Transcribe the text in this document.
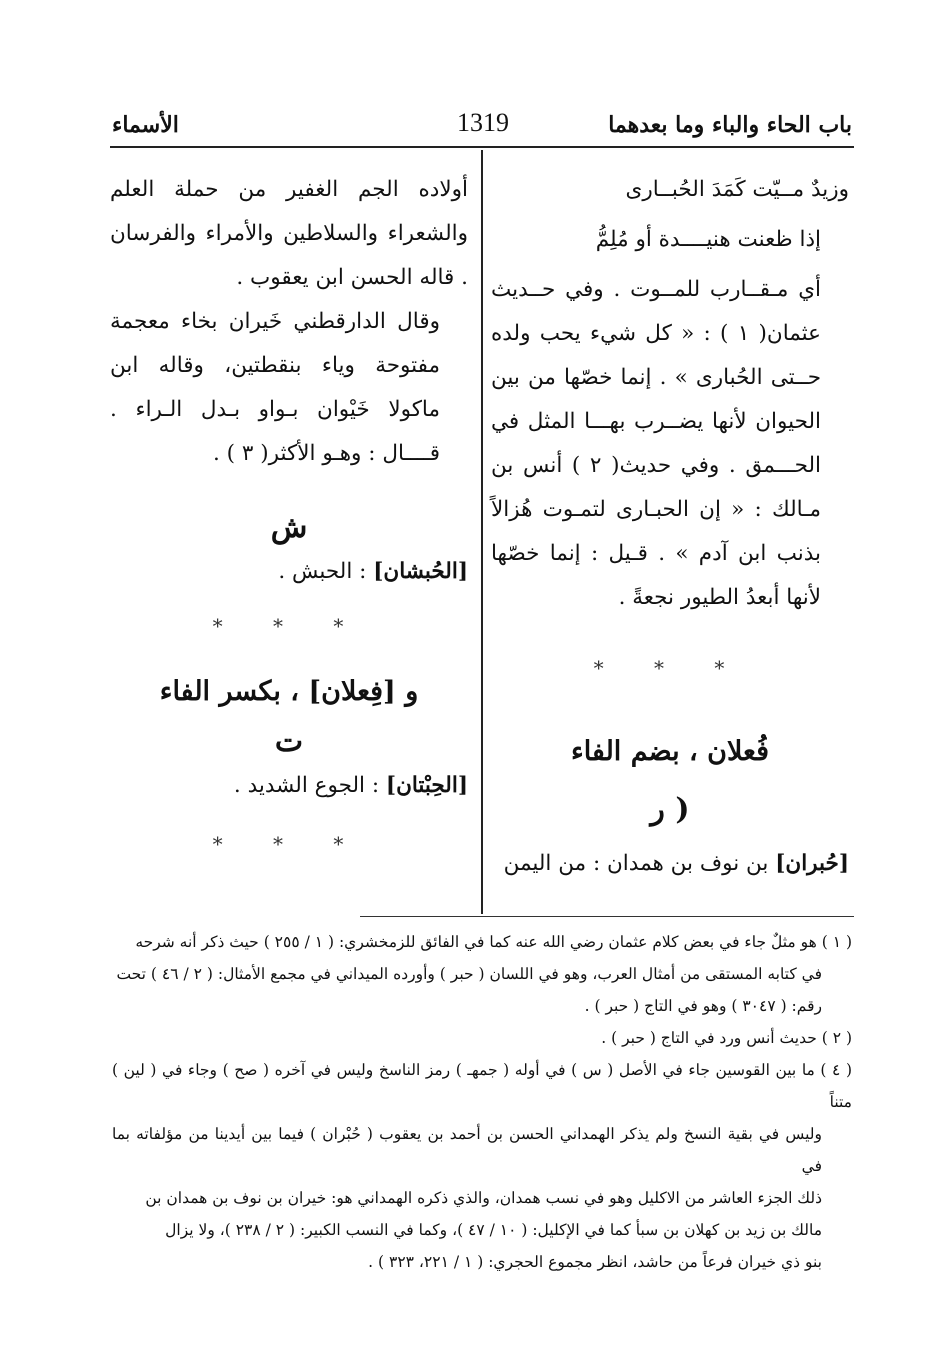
باب الحاء والباء وما بعدهما
1319
الأسماء

وزيدٌ مــيّت كَمَدَ الحُبــارى

إذا ظعنت هنيــــدة أو مُلِمُّ

أي مـقــارب للمــوت . وفي حــديث عثمان( ١ ) : « كل شيء يحب ولده حــتى الحُبارى » . إنما خصّها من بين الحيوان لأنها يضــرب بهـــا المثل في الحـــمق . وفي حديث( ٢ ) أنس بن مـالك : « إن الحبـارى لتمـوت هُزالاً بذنب ابن آدم » . قـيل : إنما خصّها لأنها أبعدُ الطيور نجعةً .

* * *

فُعلان ، بضم الفاء

( ر

[حُبران] بن نوف بن همدان : من اليمن

أولاده الجم الغفير من حملة العلم والشعراء والسلاطين والأمراء والفرسان . قاله الحسن ابن يعقوب .

وقال الدارقطني خَيران بخاء معجمة مفتوحة وياء بنقطتين، وقاله ابن ماكولا خَيْوان بـواو بـدل الـراء . قــــال : وهـو الأكثر( ٣ ) .

ش

[الحُبشان] : الحبش .

* * *

و [فِعلان] ، بكسر الفاء

ت

[الحِبْتان] : الجوع الشديد .

* * *

( ١ ) هو مثلٌ جاء في بعض كلام عثمان رضي الله عنه كما في الفائق للزمخشري: ( ١ / ٢٥٥ ) حيث ذكر أنه شرحه

في كتابه المستقى من أمثال العرب، وهو في اللسان ( حبر ) وأورده الميداني في مجمع الأمثال: ( ٢ / ٤٦ ) تحت

رقم: ( ٣٠٤٧ ) وهو في التاج ( حبر ) .

( ٢ ) حديث أنس ورد في التاج ( حبر ) .

( ٤ ) ما بين القوسين جاء في الأصل ( س ) في أوله ( جمهـ ) رمز الناسخ وليس في آخره ( صح ) وجاء في ( لين ) متناً

وليس في بقية النسخ ولم يذكر الهمداني الحسن بن أحمد بن يعقوب ( حُبْران ) فيما بين أيدينا من مؤلفاته بما في

ذلك الجزء العاشر من الاكليل وهو في نسب همدان، والذي ذكره الهمداني هو: خيران بن نوف بن همدان بن

مالك بن زيد بن كهلان بن سبأ كما في الإكليل: ( ١٠ / ٤٧ )، وكما في النسب الكبير: ( ٢ / ٢٣٨ )، ولا يزال

بنو ذي خيران فرعاً من حاشد، انظر مجموع الحجري: ( ١ / ٢٢١، ٣٢٣ ) .
